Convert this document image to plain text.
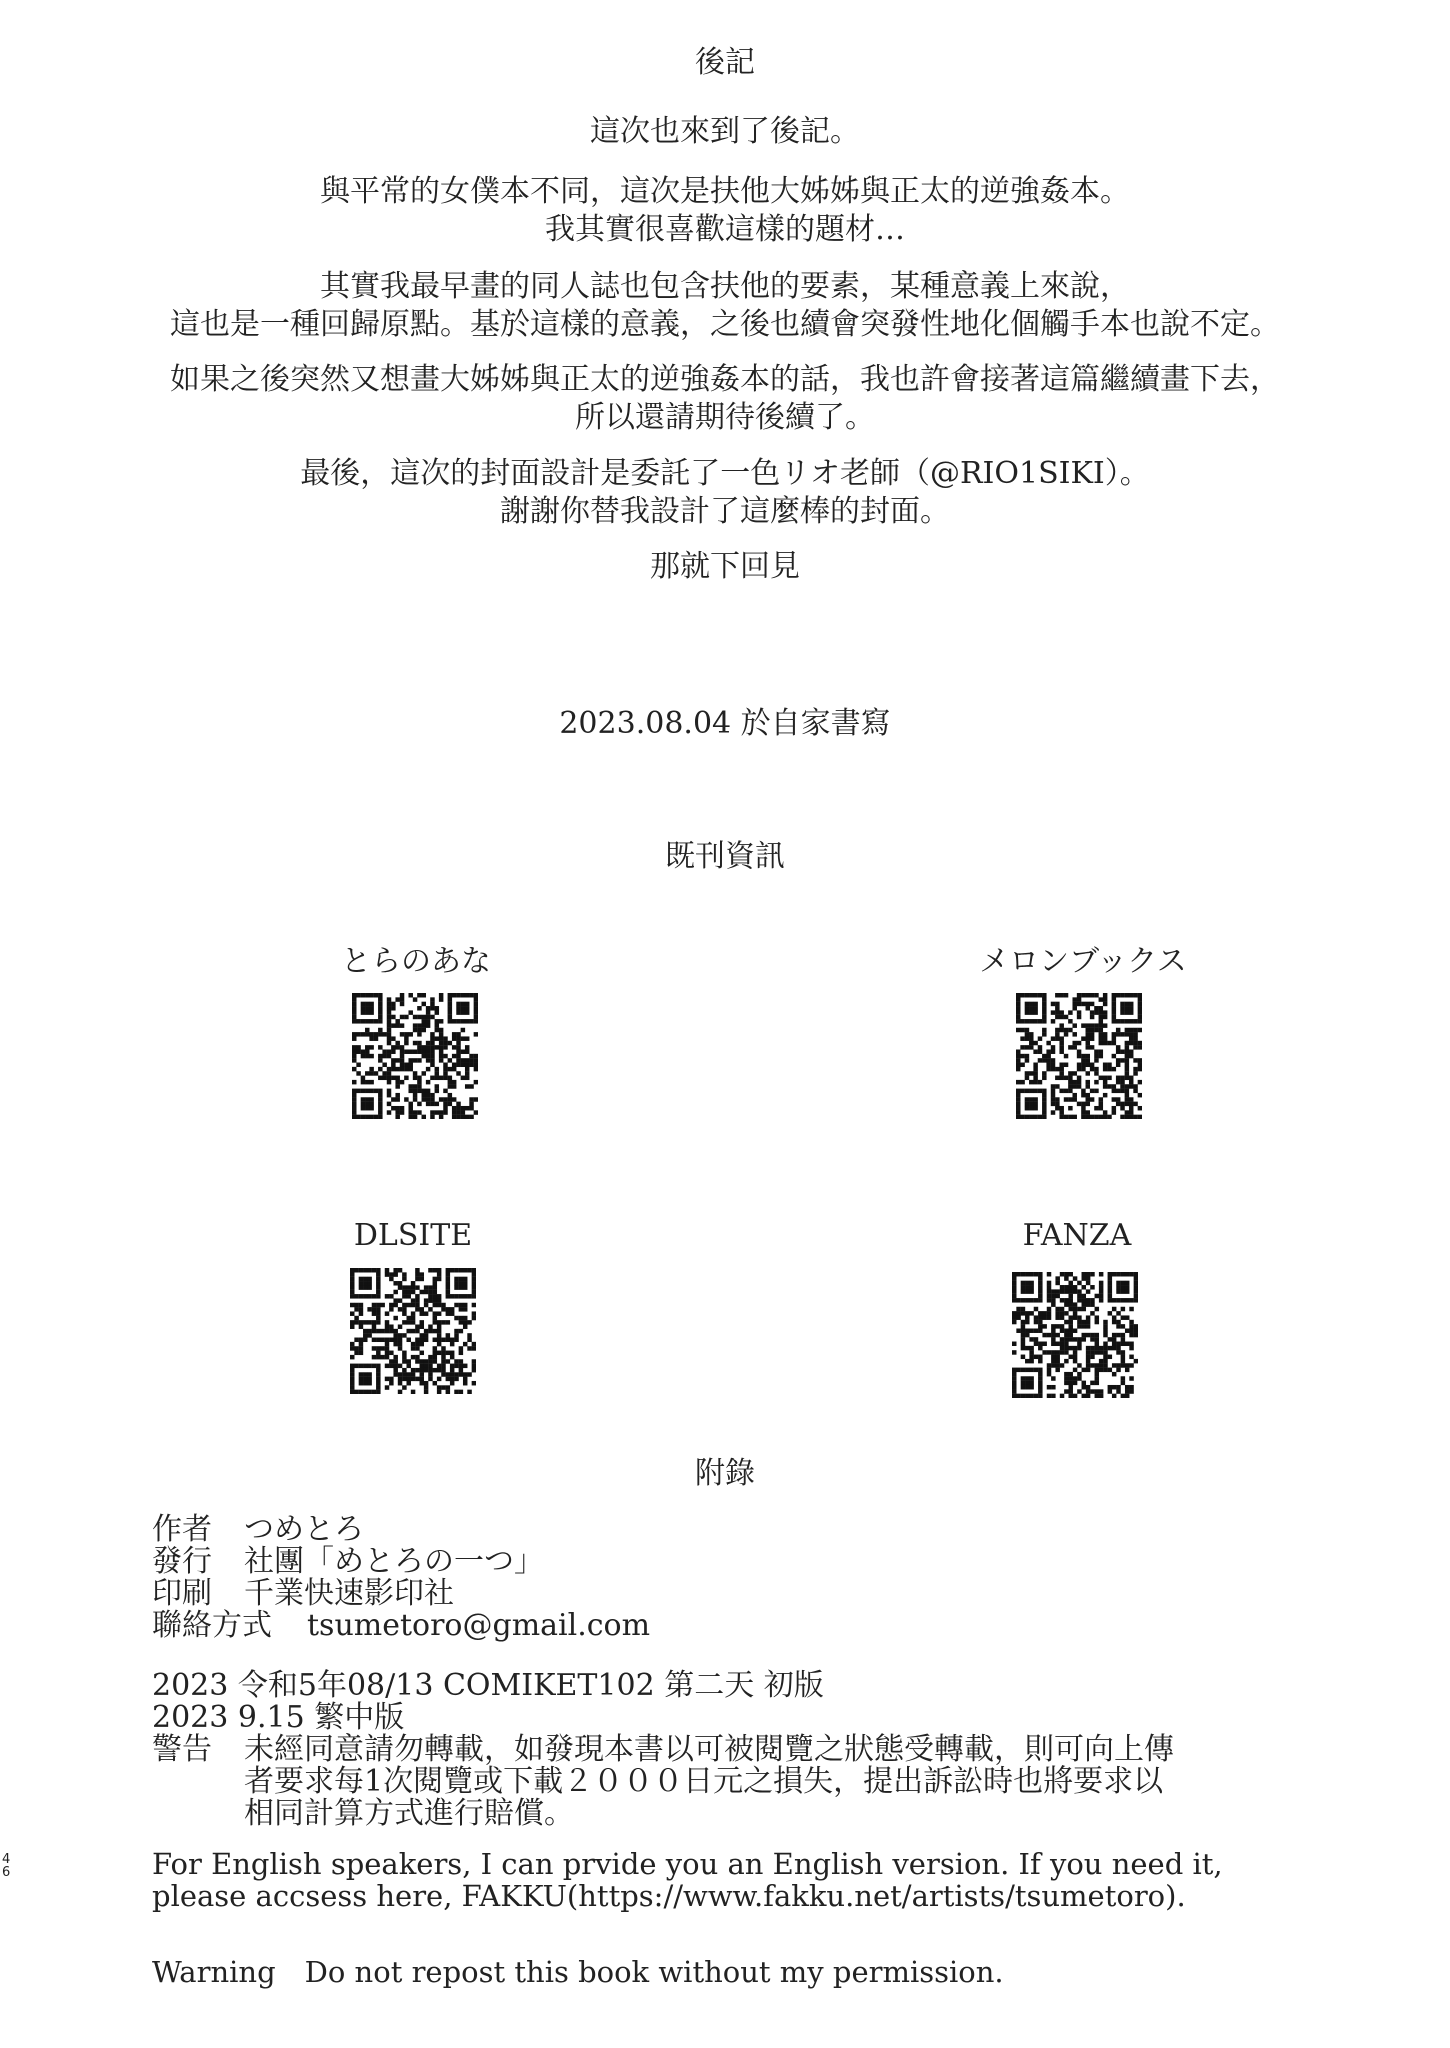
後記

這次也來到了後記。

與平常的女僕本不同，這次是扶他大姊姊與正太的逆強姦本。

我其實很喜歡這樣的題材…

其實我最早畫的同人誌也包含扶他的要素，某種意義上來說，

這也是一種回歸原點。基於這樣的意義，之後也續會突發性地化個觸手本也說不定。

如果之後突然又想畫大姊姊與正太的逆強姦本的話，我也許會接著這篇繼續畫下去，

所以還請期待後續了。

最後，這次的封面設計是委託了一色リオ老師（@RIO1SIKI）。

謝謝你替我設計了這麼棒的封面。

那就下回見

2023.08.04 於自家書寫

既刊資訊

とらのあな	メロンブックス
DLSITE	FANZA

附錄

作者	つめとろ
發行	社團「めとろの一つ」
印刷	千業快速影印社
聯絡方式	tsumetoro@gmail.com
2023 令和5年08/13 COMIKET102 第二天 初版
2023 9.15 繁中版
警告	未經同意請勿轉載，如發現本書以可被閱覽之狀態受轉載，則可向上傳
者要求每1次閱覽或下載２０００日元之損失，提出訴訟時也將要求以
相同計算方式進行賠償。
4
6	For English speakers, I can prvide you an English version. If you need it,
please accsess here, FAKKU(https://www.fakku.net/artists/tsumetoro).
Warning　Do not repost this book without my permission.
